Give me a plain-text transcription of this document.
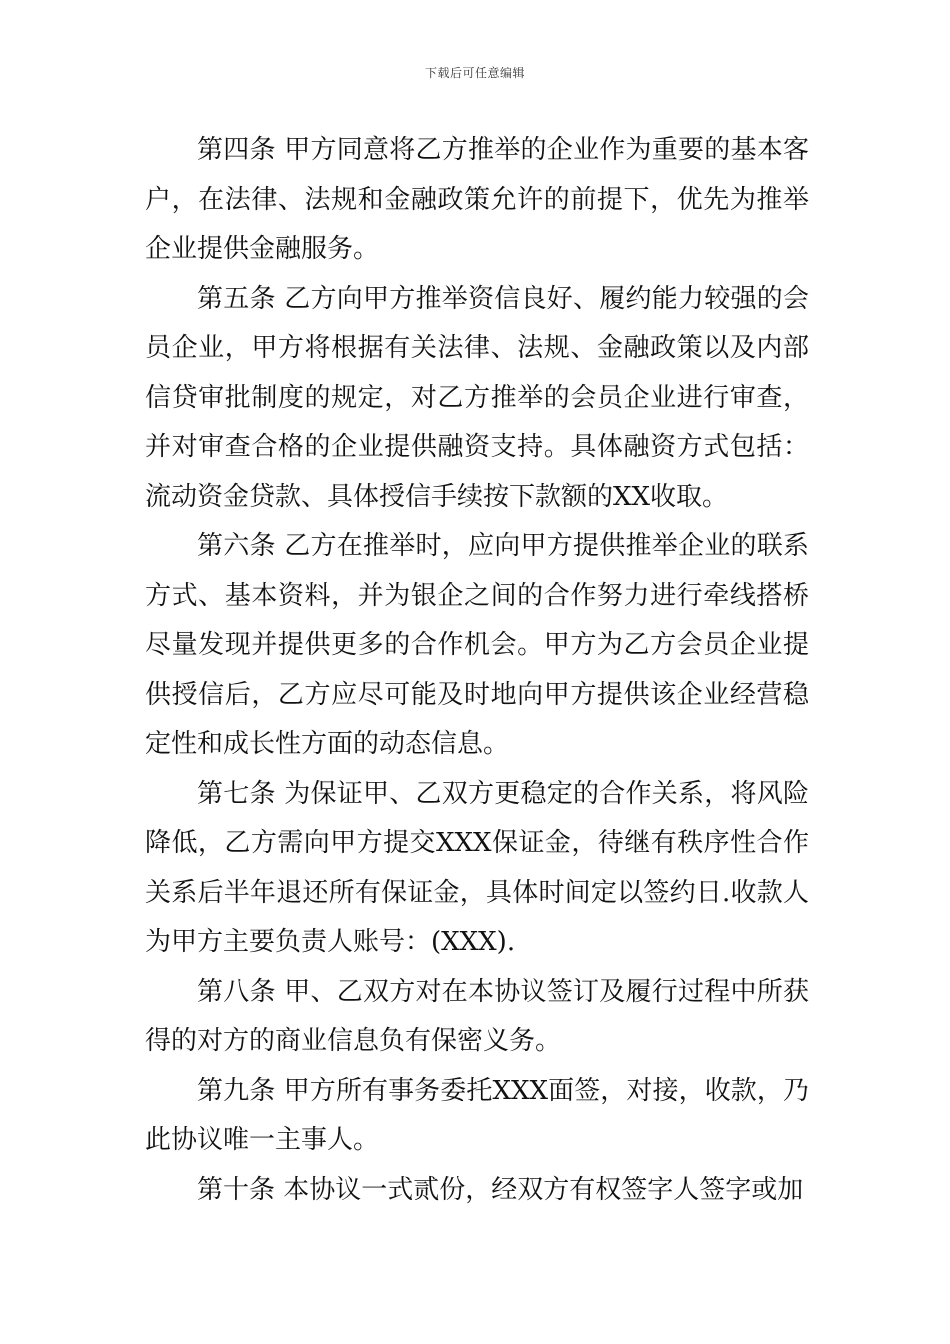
下载后可任意编辑

第四条 甲方同意将乙方推举的企业作为重要的基本客户，在法律、法规和金融政策允许的前提下，优先为推举企业提供金融服务。

第五条 乙方向甲方推举资信良好、履约能力较强的会员企业，甲方将根据有关法律、法规、金融政策以及内部信贷审批制度的规定，对乙方推举的会员企业进行审查，并对审查合格的企业提供融资支持。具体融资方式包括：流动资金贷款、具体授信手续按下款额的XX收取。

第六条 乙方在推举时，应向甲方提供推举企业的联系方式、基本资料，并为银企之间的合作努力进行牵线搭桥尽量发现并提供更多的合作机会。甲方为乙方会员企业提供授信后，乙方应尽可能及时地向甲方提供该企业经营稳定性和成长性方面的动态信息。

第七条 为保证甲、乙双方更稳定的合作关系，将风险降低，乙方需向甲方提交XXX保证金，待继有秩序性合作关系后半年退还所有保证金，具体时间定以签约日.收款人为甲方主要负责人账号：(XXX).

第八条 甲、乙双方对在本协议签订及履行过程中所获得的对方的商业信息负有保密义务。

第九条 甲方所有事务委托XXX面签，对接，收款，乃此协议唯一主事人。

第十条 本协议一式贰份，经双方有权签字人签字或加
